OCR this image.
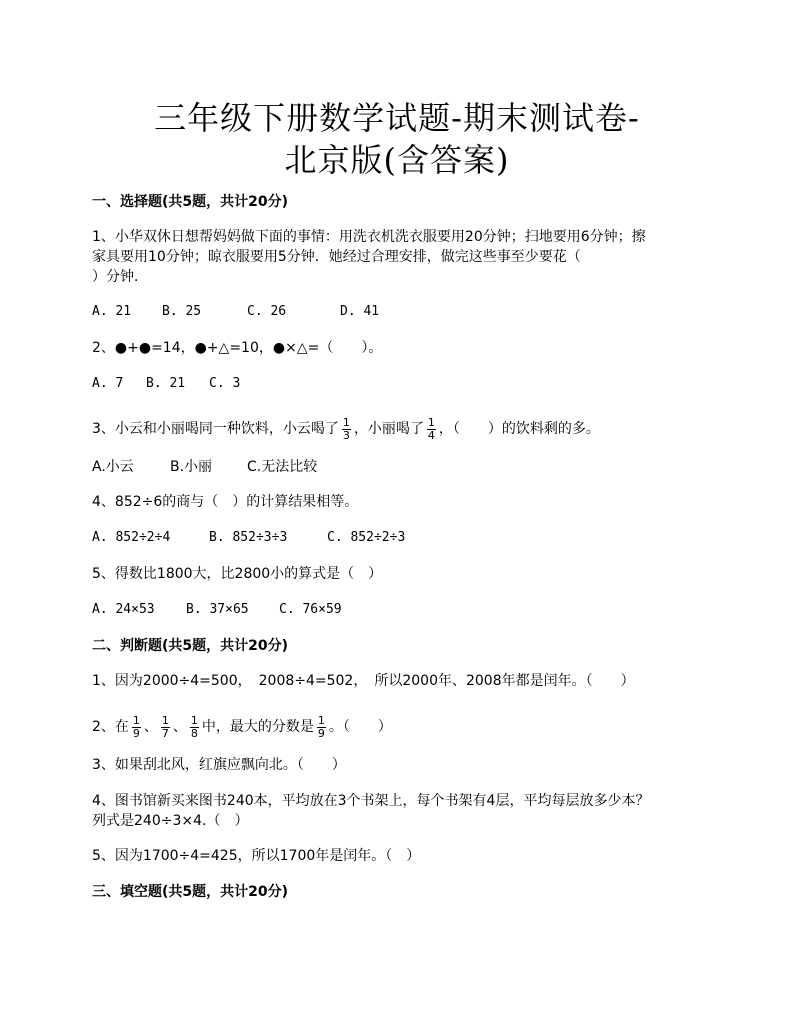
三年级下册数学试题-期末测试卷-
北京版(含答案)
一、选择题(共5题，共计20分)
1、小华双休日想帮妈妈做下面的事情：用洗衣机洗衣服要用20分钟；扫地要用6分钟；擦
家具要用10分钟；晾衣服要用5分钟．她经过合理安排，做完这些事至少要花（
）分钟．
A. 21 B. 25	C. 26	D. 41
2、●+●=14，●+△=10，●×△=（　　）。
A. 7 B. 21 C. 3
3、小云和小丽喝同一种饮料，小云喝了 $\frac{1}{3}$ ，小丽喝了 $\frac{1}{4}$ ，（　　）的饮料剩的多。
A.小云	B.小丽 C.无法比较
4、852÷6的商与（　）的计算结果相等。
A. 852÷2÷4	B. 852÷3÷3	C. 852÷2÷3
5、得数比1800大，比2800小的算式是（　）
A. 24×53 B. 37×65 C. 76×59
二、判断题(共5题，共计20分)
1、因为2000÷4=500，　2008÷4=502，　所以2000年、2008年都是闰年。（　　）
2、在 $\frac{1}{9}$ 、 $\frac{1}{7}$ 、 $\frac{1}{8}$ 中，最大的分数是 $\frac{1}{9}$ 。（　　）
3、如果刮北风，红旗应飘向北。（　　）
4、图书馆新买来图书240本，平均放在3个书架上，每个书架有4层，平均每层放多少本？
列式是240÷3×4.（　）
5、因为1700÷4=425，所以1700年是闰年。（　）
三、填空题(共5题，共计20分)
